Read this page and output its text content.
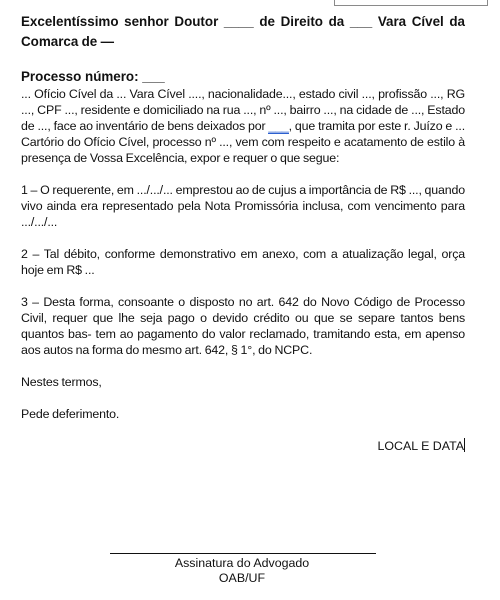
Excelentíssimo senhor Doutor ____ de Direito da ___ Vara Cível da Comarca de —

Processo número: ___

... Ofício Cível da ... Vara Cível ...., nacionalidade..., estado civil ..., profissão ..., RG ..., CPF ..., residente e domiciliado na rua ..., nº ..., bairro ..., na cidade de ..., Estado de ..., face ao inventário de bens deixados por ___, que tramita por este r. Juízo e ... Cartório do Ofício Cível, processo nº ..., vem com respeito e acatamento de estilo à presença de Vossa Excelência, expor e requer o que segue:

1 – O requerente, em .../.../... emprestou ao de cujus a importância de R$ ..., quando vivo ainda era representado pela Nota Promissória inclusa, com vencimento para .../.../...

2 – Tal débito, conforme demonstrativo em anexo, com a atualização legal, orça hoje em R$ ...

3 – Desta forma, consoante o disposto no art. 642 do Novo Código de Processo Civil, requer que lhe seja pago o devido crédito ou que se separe tantos bens quantos bas- tem ao pagamento do valor reclamado, tramitando esta, em apenso aos autos na forma do mesmo art. 642, § 1°, do NCPC.

Nestes termos,

Pede deferimento.

LOCAL E DATA

Assinatura do Advogado
OAB/UF
